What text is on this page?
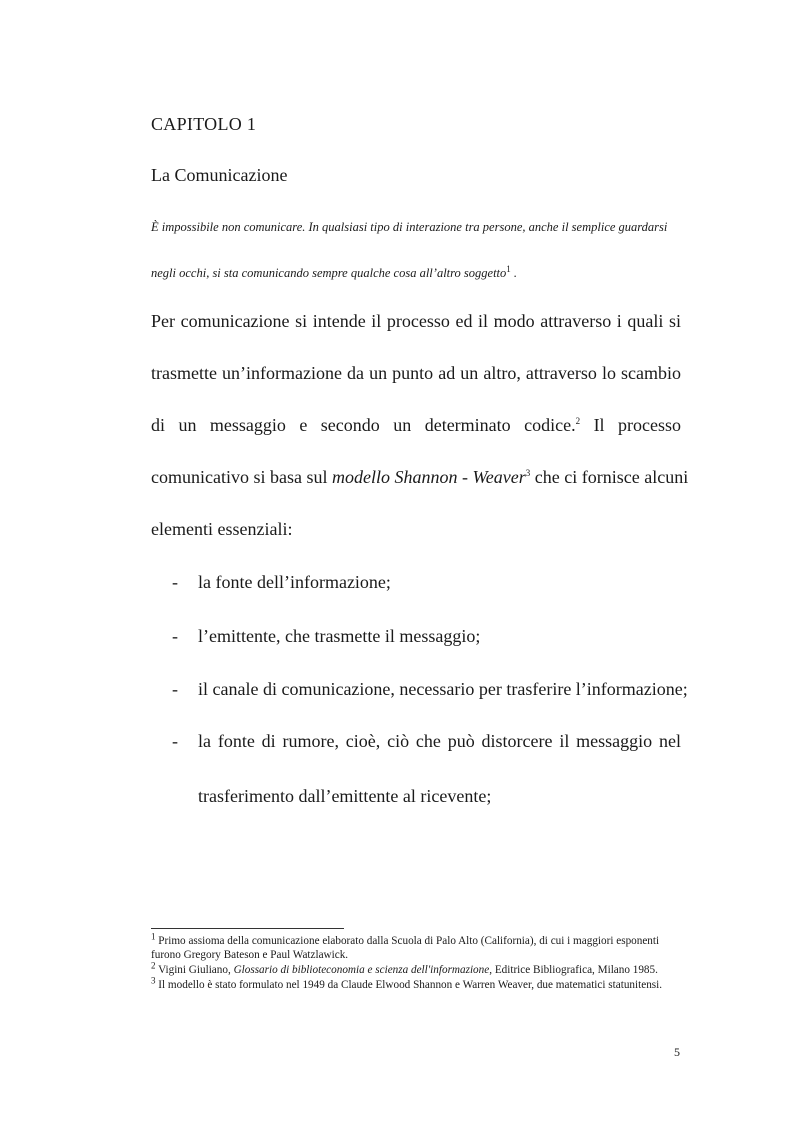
CAPITOLO 1
La Comunicazione
È impossibile non comunicare. In qualsiasi tipo di interazione tra persone, anche il semplice guardarsi
negli occhi, si sta comunicando sempre qualche cosa all’altro soggetto$^1$ .
Per comunicazione si intende il processo ed il modo attraverso i quali si
trasmette un’informazione da un punto ad un altro, attraverso lo scambio
di un messaggio e secondo un determinato codice.$^2$ Il processo
comunicativo si basa sul modello Shannon - Weaver$^3$ che ci fornisce alcuni
elementi essenziali:
- la fonte dell’informazione;
- l’emittente, che trasmette il messaggio;
- il canale di comunicazione, necessario per trasferire l’informazione;
- la fonte di rumore, cioè, ciò che può distorcere il messaggio nel
trasferimento dall’emittente al ricevente;
$^1$ Primo assioma della comunicazione elaborato dalla Scuola di Palo Alto (California), di cui i maggiori esponenti furono Gregory Bateson e Paul Watzlawick.
$^2$ Vigini Giuliano, Glossario di biblioteconomia e scienza dell'informazione, Editrice Bibliografica, Milano 1985.
$^3$ Il modello è stato formulato nel 1949 da Claude Elwood Shannon e Warren Weaver, due matematici statunitensi.
5
